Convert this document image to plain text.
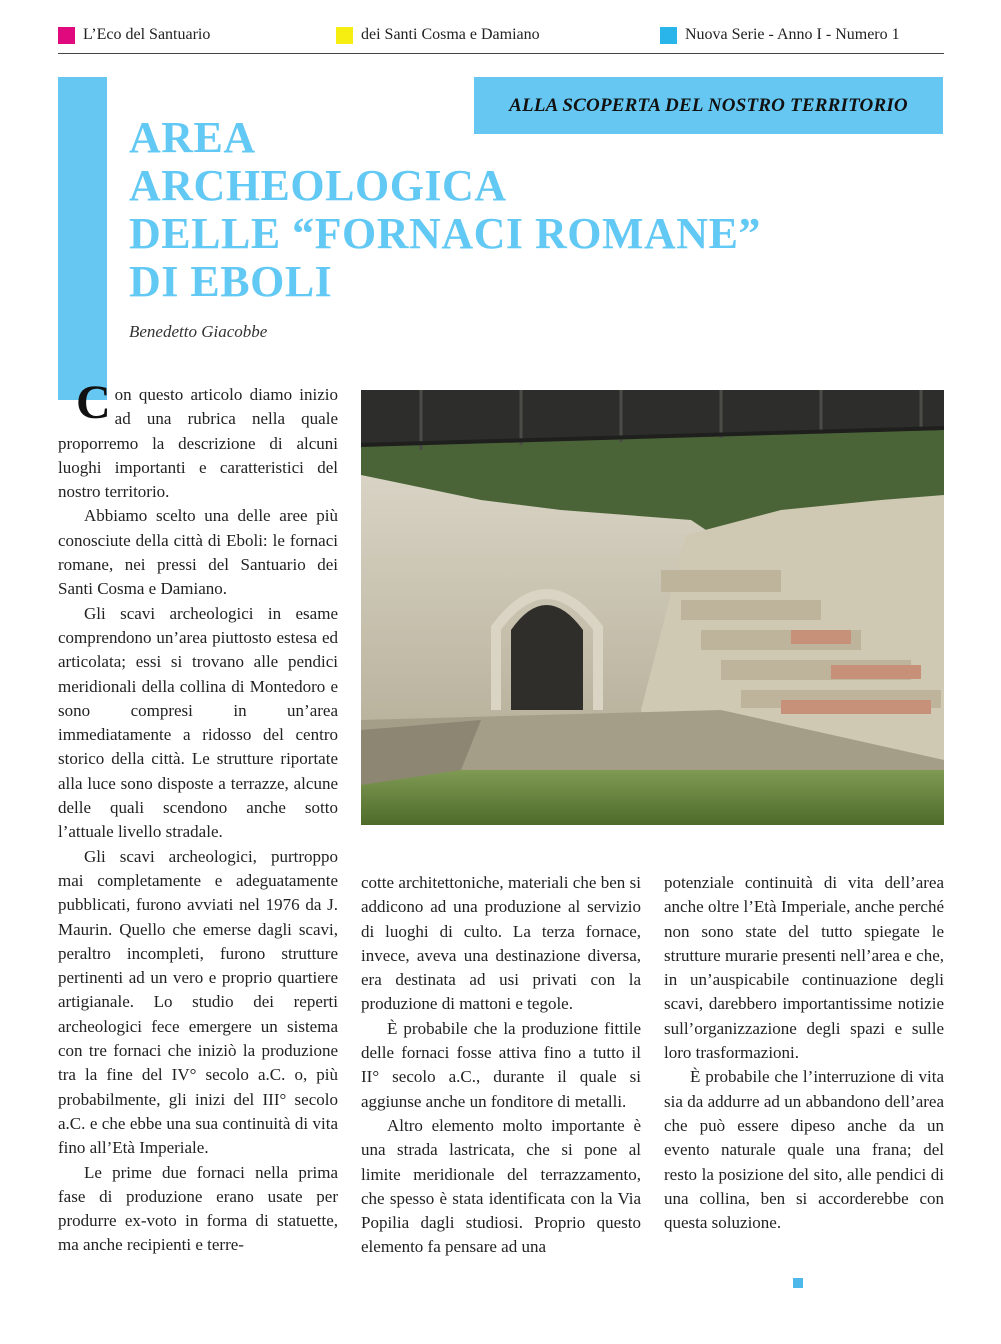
L’Eco del Santuario	dei Santi Cosma e Damiano	Nuova Serie - Anno I - Numero 1
ALLA SCOPERTA DEL NOSTRO TERRITORIO
AREA
ARCHEOLOGICA
DELLE “FORNACI ROMANE”
DI EBOLI
Benedetto Giacobbe

Con questo articolo diamo inizio ad una rubrica nella quale proporremo la descrizione di alcuni luoghi importanti e caratteristici del nostro territorio.

Abbiamo scelto una delle aree più conosciute della città di Eboli: le fornaci romane, nei pressi del Santuario dei Santi Cosma e Damiano.

Gli scavi archeologici in esame comprendono un’area piuttosto estesa ed articolata; essi si trovano alle pendici meridionali della collina di Montedoro e sono compresi in un’area immediatamente a ridosso del centro storico della città. Le strutture riportate alla luce sono disposte a terrazze, alcune delle quali scendono anche sotto l’attuale livello stradale.

Gli scavi archeologici, purtroppo mai completamente e adeguatamente pubblicati, furono avviati nel 1976 da J. Maurin. Quello che emerse dagli scavi, peraltro incompleti, furono strutture pertinenti ad un vero e proprio quartiere artigianale. Lo studio dei reperti archeologici fece emergere un sistema con tre fornaci che iniziò la produzione tra la fine del IV° secolo a.C. o, più probabilmente, gli inizi del III° secolo a.C. e che ebbe una sua continuità di vita fino all’Età Imperiale.

Le prime due fornaci nella prima fase di produzione erano usate per produrre ex-voto in forma di statuette, ma anche recipienti e terre-

cotte architettoniche, materiali che ben si addicono ad una produzione al servizio di luoghi di culto. La terza fornace, invece, aveva una destinazione diversa, era destinata ad usi privati con la produzione di mattoni e tegole.

È probabile che la produzione fittile delle fornaci fosse attiva fino a tutto il II° secolo a.C., durante il quale si aggiunse anche un fonditore di metalli.

Altro elemento molto importante è una strada lastricata, che si pone al limite meridionale del terrazzamento, che spesso è stata identificata con la Via Popilia dagli studiosi. Proprio questo elemento fa pensare ad una

potenziale continuità di vita dell’area anche oltre l’Età Imperiale, anche perché non sono state del tutto spiegate le strutture murarie presenti nell’area e che, in un’auspicabile continuazione degli scavi, darebbero importantissime notizie sull’organizzazione degli spazi e sulle loro trasformazioni.

È probabile che l’interruzione di vita sia da addurre ad un abbandono dell’area che può essere dipeso anche da un evento naturale quale una frana; del resto la posizione del sito, alle pendici di una collina, ben si accorderebbe con questa soluzione.
